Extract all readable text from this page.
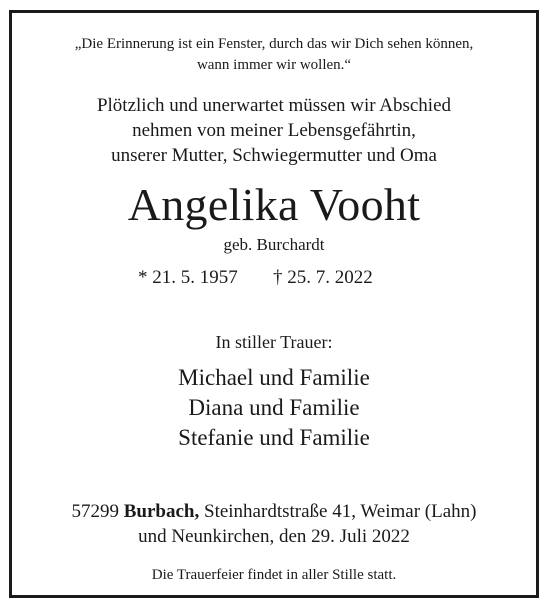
„Die Erinnerung ist ein Fenster, durch das wir Dich sehen können,
wann immer wir wollen.“
Plötzlich und unerwartet müssen wir Abschied
nehmen von meiner Lebensgefährtin,
unserer Mutter, Schwiegermutter und Oma
Angelika Vooht
geb. Burchardt
* 21. 5. 1957 † 25. 7. 2022
In stiller Trauer:
Michael und Familie
Diana und Familie
Stefanie und Familie
57299 Burbach, Steinhardtstraße 41, Weimar (Lahn)
und Neunkirchen, den 29. Juli 2022
Die Trauerfeier findet in aller Stille statt.
